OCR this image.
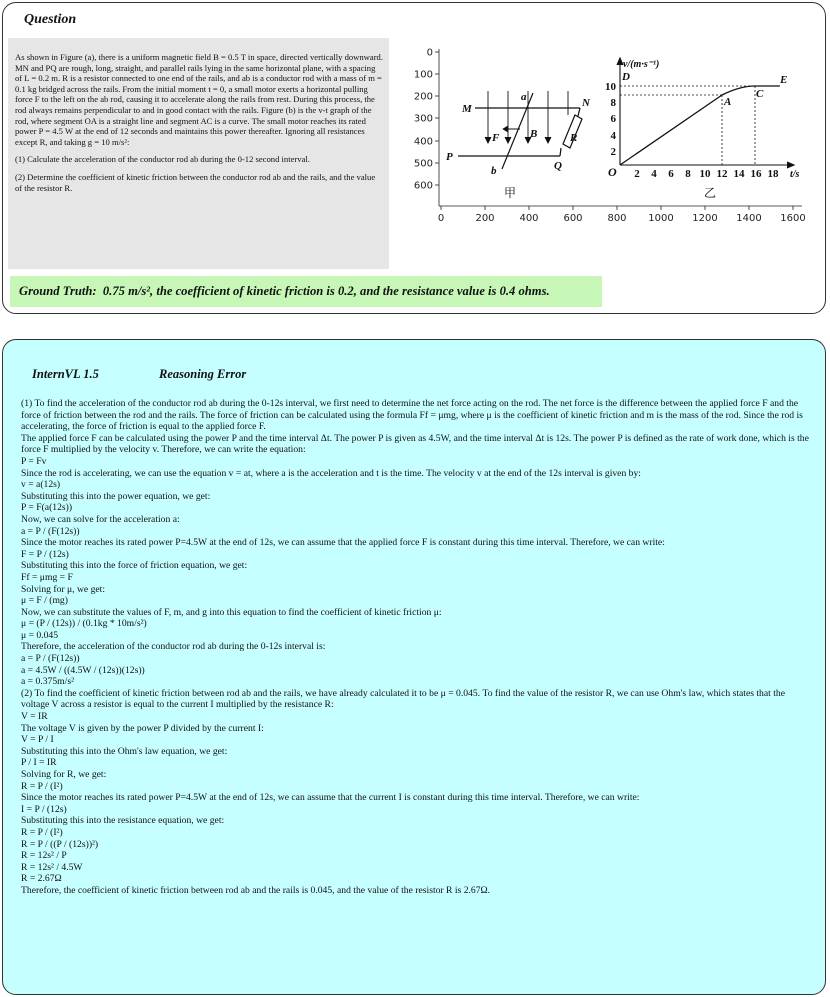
Question

As shown in Figure (a), there is a uniform magnetic field B = 0.5 T in space, directed vertically downward. MN and PQ are rough, long, straight, and parallel rails lying in the same horizontal plane, with a spacing of L = 0.2 m. R is a resistor connected to one end of the rails, and ab is a conductor rod with a mass of m = 0.1 kg bridged across the rails. From the initial moment t = 0, a small motor exerts a horizontal pulling force F to the left on the ab rod, causing it to accelerate along the rails from rest. During this process, the rod always remains perpendicular to and in good contact with the rails. Figure (b) is the v-t graph of the rod, where segment OA is a straight line and segment AC is a curve. The small motor reaches its rated power P = 4.5 W at the end of 12 seconds and maintains this power thereafter. Ignoring all resistances except R, and taking g = 10 m/s²:

(1) Calculate the acceleration of the conductor rod ab during the 0-12 second interval.

(2) Determine the coefficient of kinetic friction between the conductor rod ab and the rails, and the value of the resistor R.

0
100
200
300
400
500
600
0	200 400 600 800 1000 1200 1400 1600
M	N
P
Q
a
b
B
F	R
甲
v/(m·s⁻¹)
t/s
O
D	E
A
C
10
8
6
4
2
2 4 6 8 10 12 14 16 18
乙
Ground Truth: 0.75 m/s², the coefficient of kinetic friction is 0.2, and the resistance value is 0.4 ohms.
InternVL 1.5	Reasoning Error
(1) To find the acceleration of the conductor rod ab during the 0-12s interval, we first need to determine the net force acting on the rod. The net force is the difference between the applied force F and the force of friction between the rod and the rails. The force of friction can be calculated using the formula Ff = μmg, where μ is the coefficient of kinetic friction and m is the mass of the rod. Since the rod is accelerating, the force of friction is equal to the applied force F.
The applied force F can be calculated using the power P and the time interval Δt. The power P is given as 4.5W, and the time interval Δt is 12s. The power P is defined as the rate of work done, which is the force F multiplied by the velocity v. Therefore, we can write the equation:
P = Fv
Since the rod is accelerating, we can use the equation v = at, where a is the acceleration and t is the time. The velocity v at the end of the 12s interval is given by:
v = a(12s)
Substituting this into the power equation, we get:
P = F(a(12s))
Now, we can solve for the acceleration a:
a = P / (F(12s))
Since the motor reaches its rated power P=4.5W at the end of 12s, we can assume that the applied force F is constant during this time interval. Therefore, we can write:
F = P / (12s)
Substituting this into the force of friction equation, we get:
Ff = μmg = F
Solving for μ, we get:
μ = F / (mg)
Now, we can substitute the values of F, m, and g into this equation to find the coefficient of kinetic friction μ:
μ = (P / (12s)) / (0.1kg * 10m/s²)
μ = 0.045
Therefore, the acceleration of the conductor rod ab during the 0-12s interval is:
a = P / (F(12s))
a = 4.5W / ((4.5W / (12s))(12s))
a = 0.375m/s²
(2) To find the coefficient of kinetic friction between rod ab and the rails, we have already calculated it to be μ = 0.045. To find the value of the resistor R, we can use Ohm's law, which states that the voltage V across a resistor is equal to the current I multiplied by the resistance R:
V = IR
The voltage V is given by the power P divided by the current I:
V = P / I
Substituting this into the Ohm's law equation, we get:
P / I = IR
Solving for R, we get:
R = P / (I²)
Since the motor reaches its rated power P=4.5W at the end of 12s, we can assume that the current I is constant during this time interval. Therefore, we can write:
I = P / (12s)
Substituting this into the resistance equation, we get:
R = P / (I²)
R = P / ((P / (12s))²)
R = 12s² / P
R = 12s² / 4.5W
R = 2.67Ω
Therefore, the coefficient of kinetic friction between rod ab and the rails is 0.045, and the value of the resistor R is 2.67Ω.
